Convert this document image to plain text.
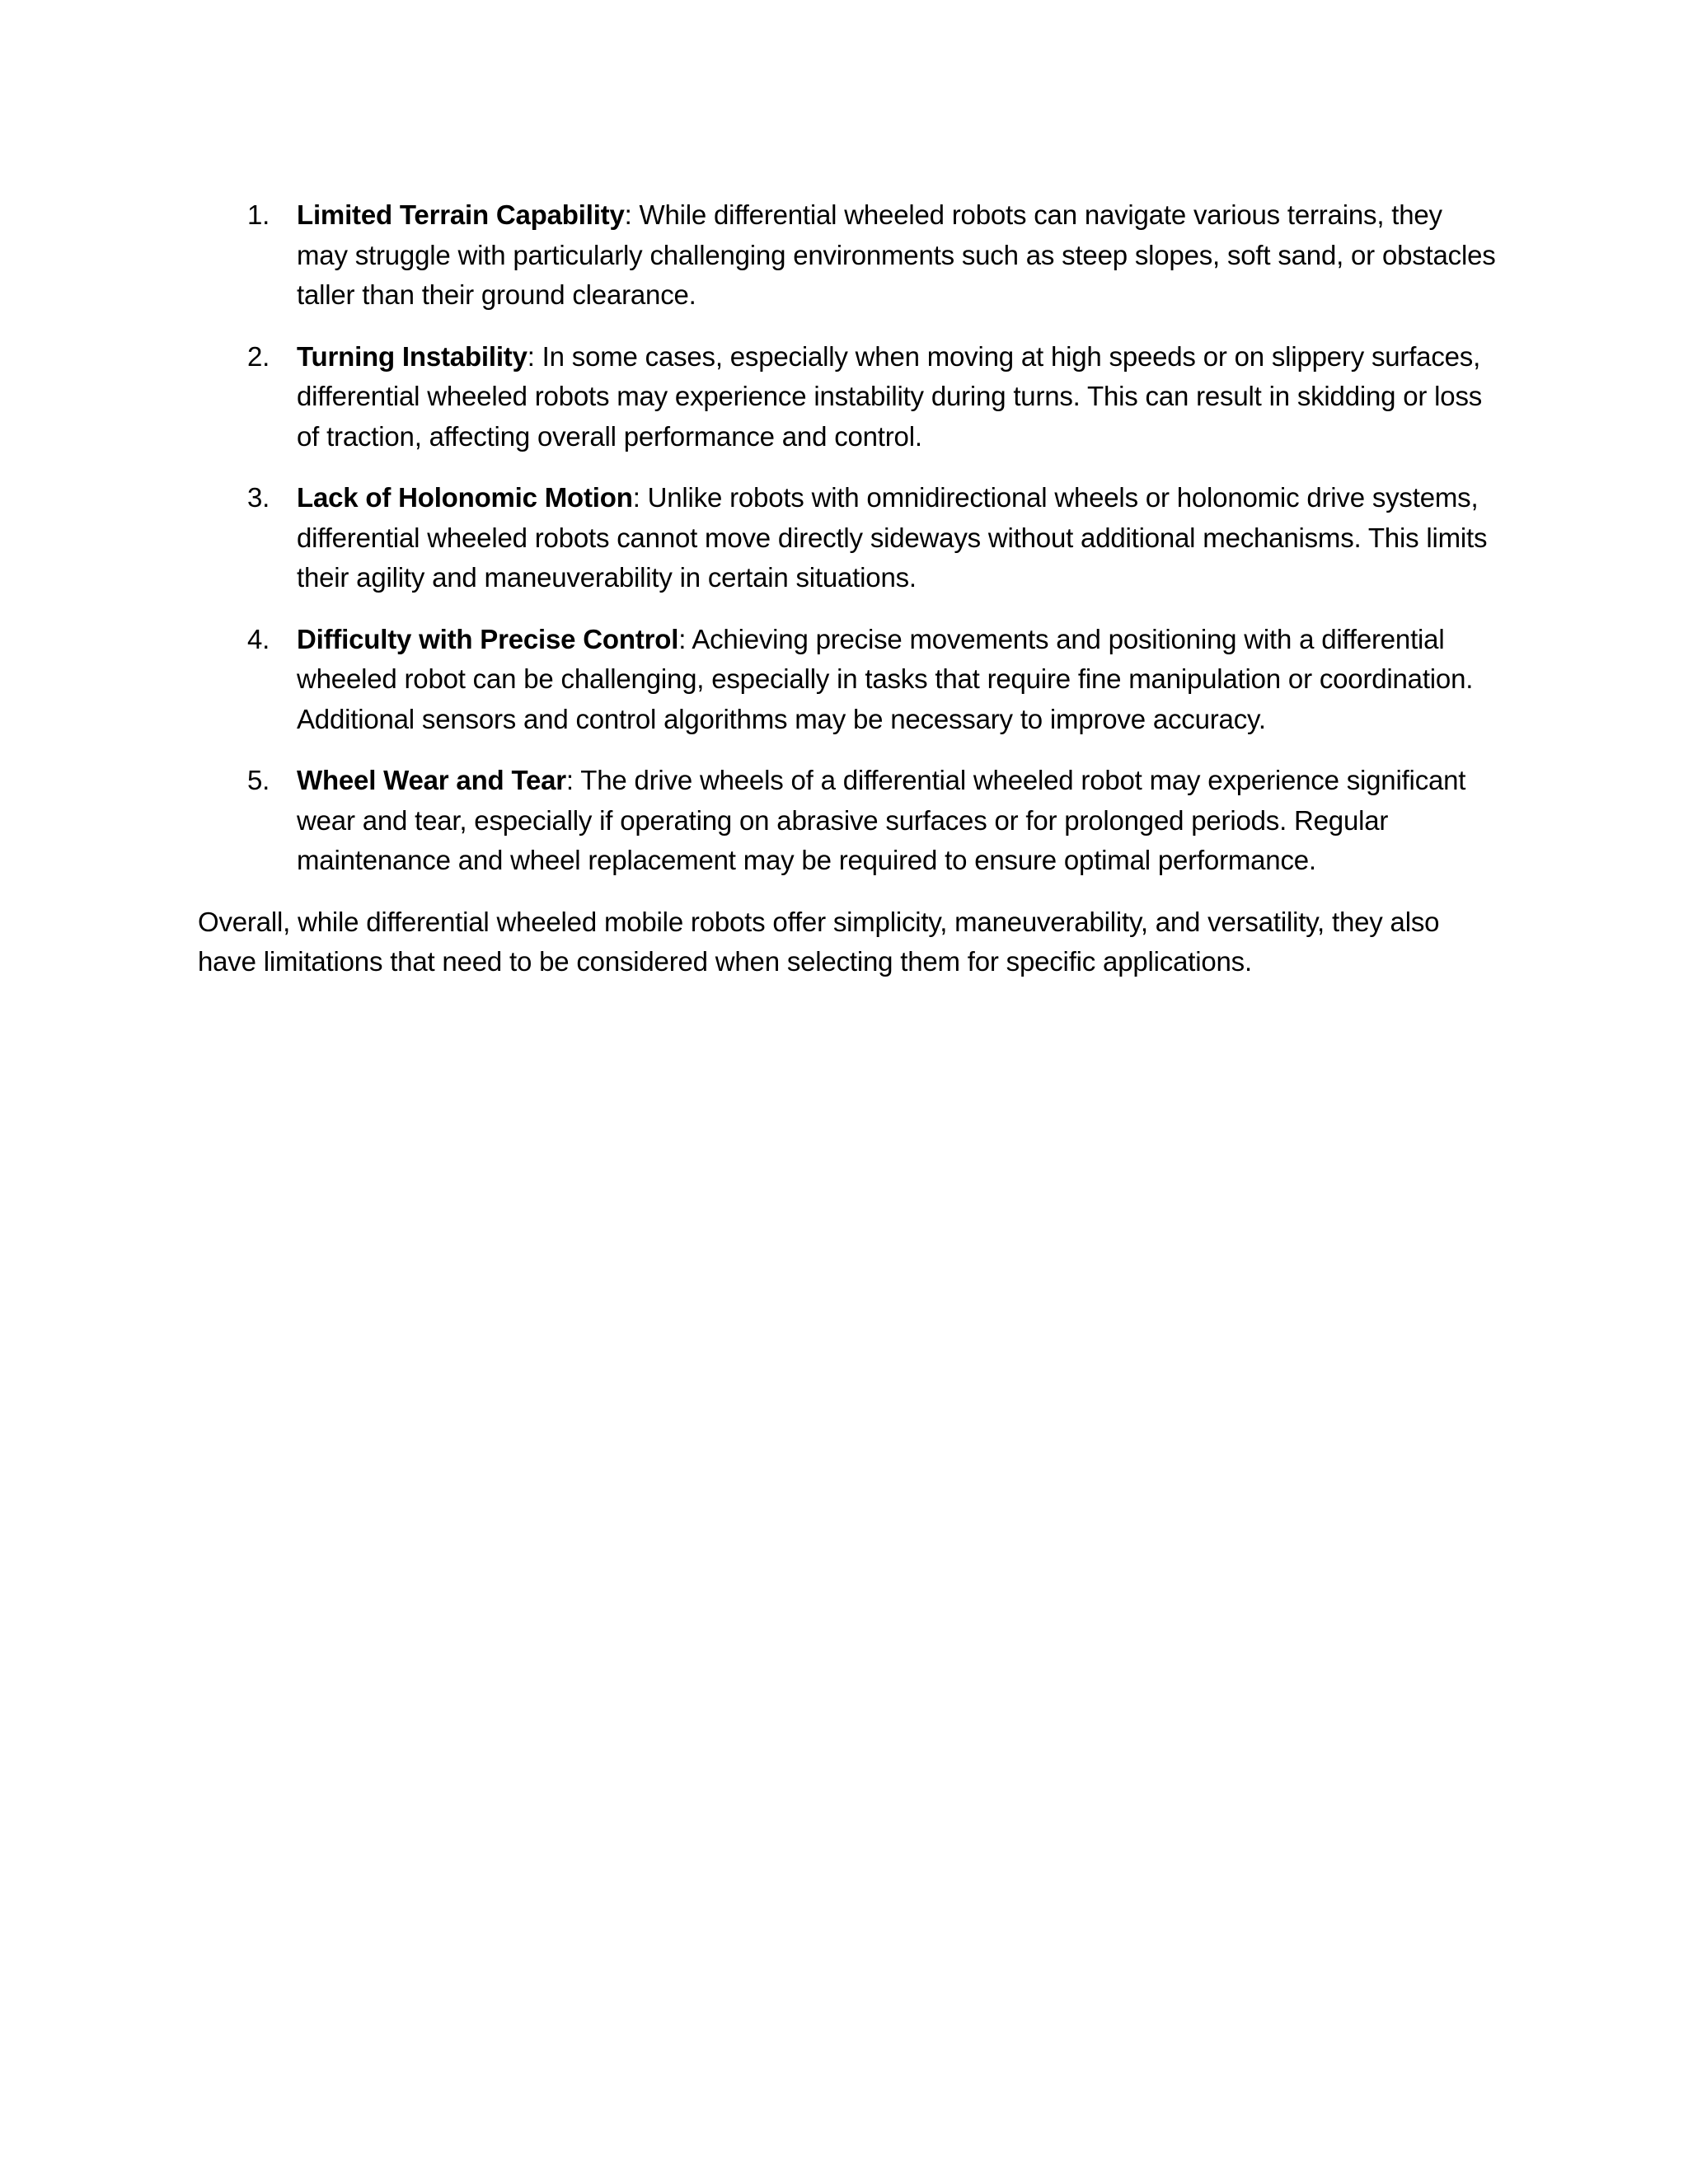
1. Limited Terrain Capability: While differential wheeled robots can navigate various terrains, they may struggle with particularly challenging environments such as steep slopes, soft sand, or obstacles taller than their ground clearance.
2. Turning Instability: In some cases, especially when moving at high speeds or on slippery surfaces, differential wheeled robots may experience instability during turns. This can result in skidding or loss of traction, affecting overall performance and control.
3. Lack of Holonomic Motion: Unlike robots with omnidirectional wheels or holonomic drive systems, differential wheeled robots cannot move directly sideways without additional mechanisms. This limits their agility and maneuverability in certain situations.
4. Difficulty with Precise Control: Achieving precise movements and positioning with a differential wheeled robot can be challenging, especially in tasks that require fine manipulation or coordination. Additional sensors and control algorithms may be necessary to improve accuracy.
5. Wheel Wear and Tear: The drive wheels of a differential wheeled robot may experience significant wear and tear, especially if operating on abrasive surfaces or for prolonged periods. Regular maintenance and wheel replacement may be required to ensure optimal performance.

Overall, while differential wheeled mobile robots offer simplicity, maneuverability, and versatility, they also have limitations that need to be considered when selecting them for specific applications.
